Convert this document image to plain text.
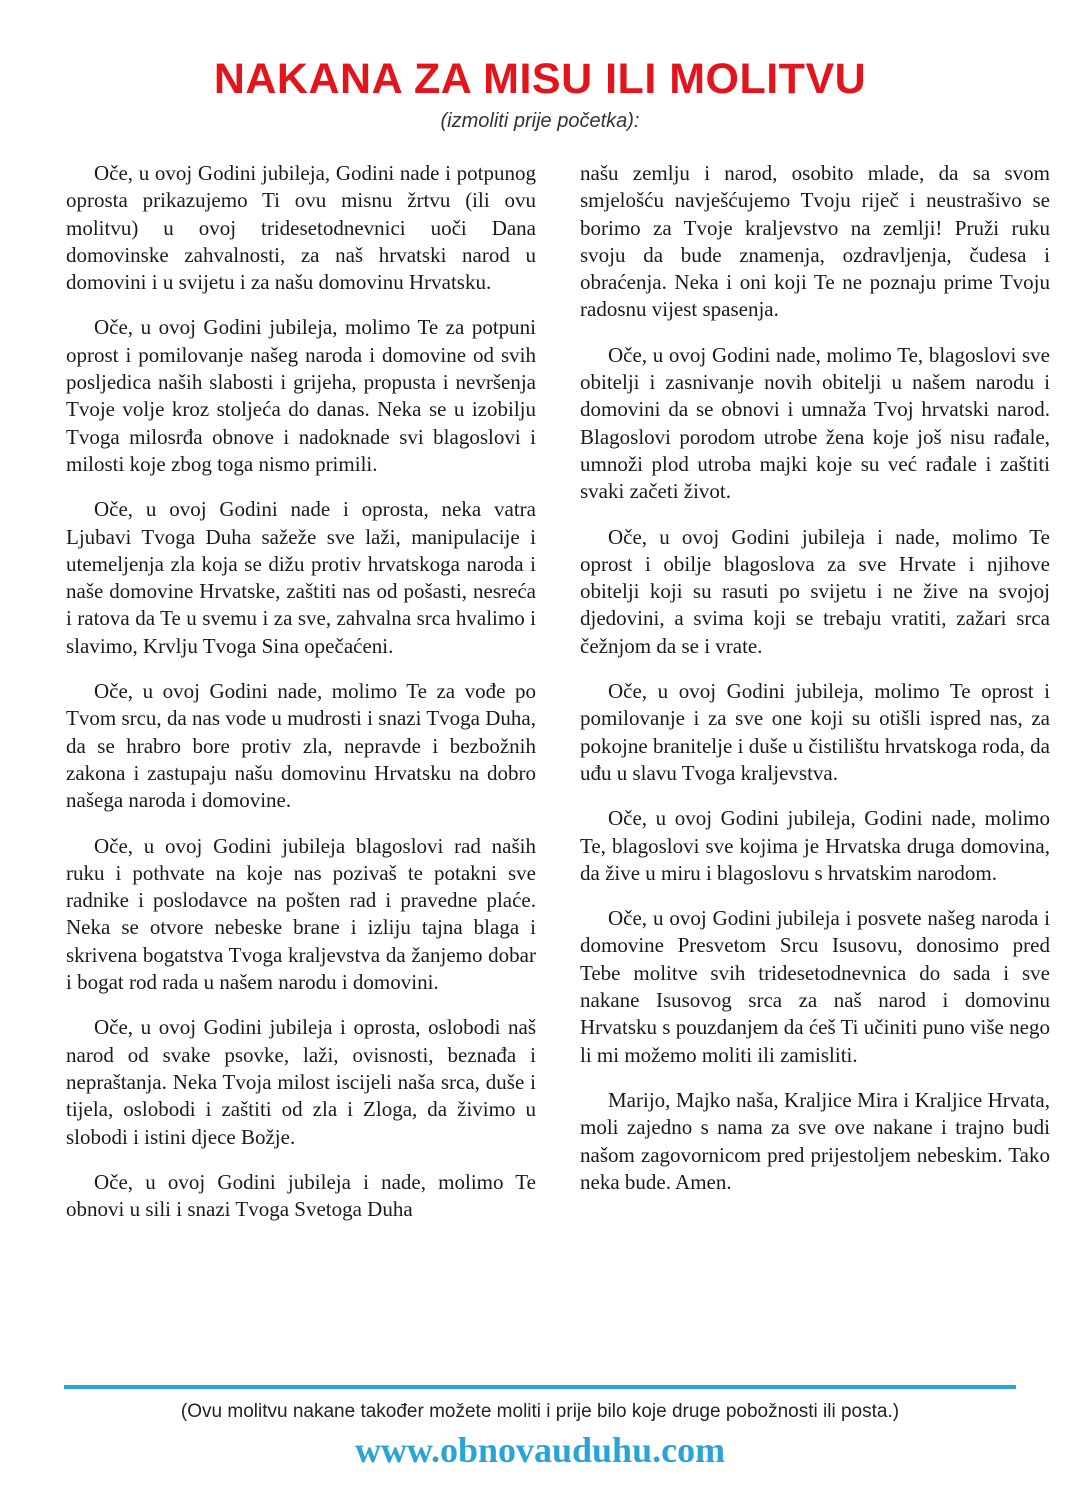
NAKANA ZA MISU ILI MOLITVU
(izmoliti prije početka):

Oče, u ovoj Godini jubileja, Godini nade i potpunog oprosta prikazujemo Ti ovu misnu žrtvu (ili ovu molitvu) u ovoj tridesetodnevnici uoči Dana domovinske zahvalnosti, za naš hrvatski narod u domovini i u svijetu i za našu domovinu Hrvatsku.

Oče, u ovoj Godini jubileja, molimo Te za potpuni oprost i pomilovanje našeg naroda i domovine od svih posljedica naših slabosti i grijeha, propusta i nevršenja Tvoje volje kroz stoljeća do danas. Neka se u izobilju Tvoga milosrđa obnove i nadoknade svi blagoslovi i milosti koje zbog toga nismo primili.

Oče, u ovoj Godini nade i oprosta, neka vatra Ljubavi Tvoga Duha sažeže sve laži, manipulacije i utemeljenja zla koja se dižu protiv hrvatskoga naroda i naše domovine Hrvatske, zaštiti nas od pošasti, nesreća i ratova da Te u svemu i za sve, zahvalna srca hvalimo i slavimo, Krvlju Tvoga Sina opečaćeni.

Oče, u ovoj Godini nade, molimo Te za vođe po Tvom srcu, da nas vode u mudrosti i snazi Tvoga Duha, da se hrabro bore protiv zla, nepravde i bezbožnih zakona i zastupaju našu domovinu Hrvatsku na dobro našega naroda i domovine.

Oče, u ovoj Godini jubileja blagoslovi rad naših ruku i pothvate na koje nas pozivaš te potakni sve radnike i poslodavce na pošten rad i pravedne plaće. Neka se otvore nebeske brane i izliju tajna blaga i skrivena bogatstva Tvoga kraljevstva da žanjemo dobar i bogat rod rada u našem narodu i domovini.

Oče, u ovoj Godini jubileja i oprosta, oslobodi naš narod od svake psovke, laži, ovisnosti, beznađa i nepraštanja. Neka Tvoja milost iscijeli naša srca, duše i tijela, oslobodi i zaštiti od zla i Zloga, da živimo u slobodi i istini djece Božje.

Oče, u ovoj Godini jubileja i nade, molimo Te obnovi u sili i snazi Tvoga Svetoga Duha

našu zemlju i narod, osobito mlade, da sa svom smjelošću navješćujemo Tvoju riječ i neustrašivo se borimo za Tvoje kraljevstvo na zemlji! Pruži ruku svoju da bude znamenja, ozdravljenja, čudesa i obraćenja. Neka i oni koji Te ne poznaju prime Tvoju radosnu vijest spasenja.

Oče, u ovoj Godini nade, molimo Te, blagoslovi sve obitelji i zasnivanje novih obitelji u našem narodu i domovini da se obnovi i umnaža Tvoj hrvatski narod. Blagoslovi porodom utrobe žena koje još nisu rađale, umnoži plod utroba majki koje su već rađale i zaštiti svaki začeti život.

Oče, u ovoj Godini jubileja i nade, molimo Te oprost i obilje blagoslova za sve Hrvate i njihove obitelji koji su rasuti po svijetu i ne žive na svojoj djedovini, a svima koji se trebaju vratiti, zažari srca čežnjom da se i vrate.

Oče, u ovoj Godini jubileja, molimo Te oprost i pomilovanje i za sve one koji su otišli ispred nas, za pokojne branitelje i duše u čistilištu hrvatskoga roda, da uđu u slavu Tvoga kraljevstva.

Oče, u ovoj Godini jubileja, Godini nade, molimo Te, blagoslovi sve kojima je Hrvatska druga domovina, da žive u miru i blagoslovu s hrvatskim narodom.

Oče, u ovoj Godini jubileja i posvete našeg naroda i domovine Presvetom Srcu Isusovu, donosimo pred Tebe molitve svih tridesetodnevnica do sada i sve nakane Isusovog srca za naš narod i domovinu Hrvatsku s pouzdanjem da ćeš Ti učiniti puno više nego li mi možemo moliti ili zamisliti.

Marijo, Majko naša, Kraljice Mira i Kraljice Hrvata, moli zajedno s nama za sve ove nakane i trajno budi našom zagovornicom pred prijestoljem nebeskim. Tako neka bude. Amen.

(Ovu molitvu nakane također možete moliti i prije bilo koje druge pobožnosti ili posta.)
www.obnovauduhu.com
